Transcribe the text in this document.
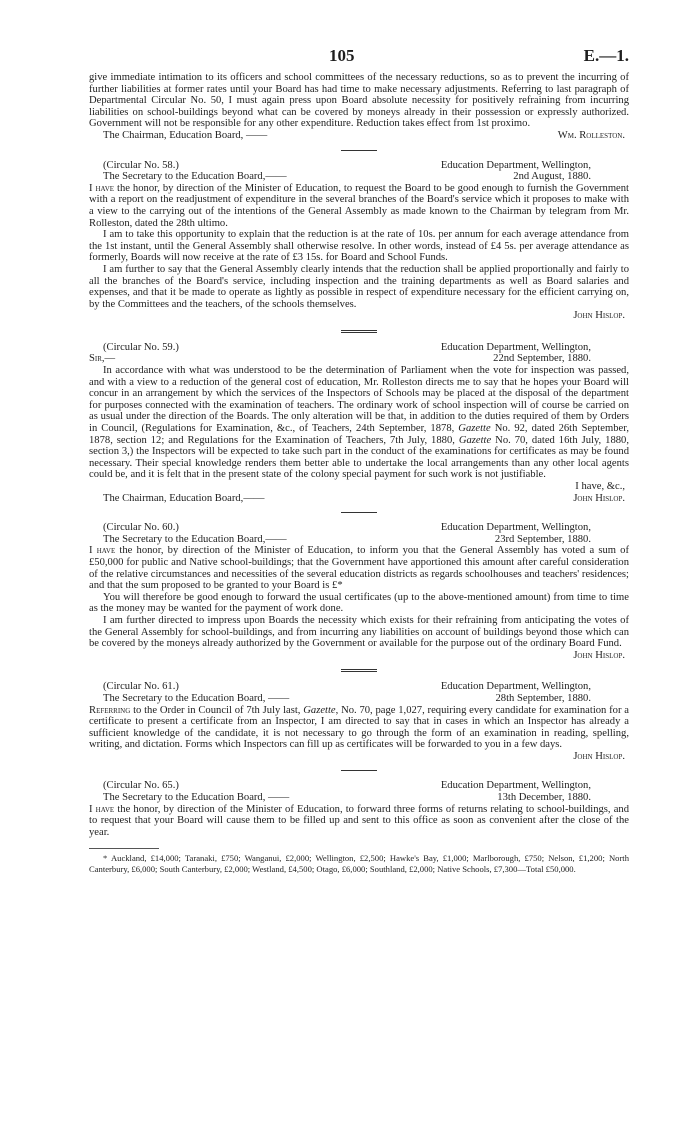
105	E.—1.

give immediate intimation to its officers and school committees of the necessary reductions, so as to prevent the incurring of further liabilities at former rates until your Board has had time to make necessary adjustments. Referring to last paragraph of Departmental Circular No. 50, I must again press upon Board absolute necessity for positively refraining from incurring liabilities on school-buildings beyond what can be covered by moneys already in their possession or expressly authorized. Government will not be responsible for any other expenditure. Reduction takes effect from 1st proximo.

The Chairman, Education Board, ——	Wm. Rolleston.
(Circular No. 58.)	Education Department, Wellington,
The Secretary to the Education Board,——	2nd August, 1880.

I have the honor, by direction of the Minister of Education, to request the Board to be good enough to furnish the Government with a report on the readjustment of expenditure in the several branches of the Board's service which it proposes to make with a view to the carrying out of the intentions of the General Assembly as made known to the Chairman by telegram from Mr. Rolleston, dated the 28th ultimo.

I am to take this opportunity to explain that the reduction is at the rate of 10s. per annum for each average attendance from the 1st instant, until the General Assembly shall otherwise resolve. In other words, instead of £4 5s. per average attendance as formerly, Boards will now receive at the rate of £3 15s. for Board and School Funds.

I am further to say that the General Assembly clearly intends that the reduction shall be applied proportionally and fairly to all the branches of the Board's service, including inspection and the training departments as well as Board salaries and expenses, and that it be made to operate as lightly as possible in respect of expenditure necessary for the efficient carrying on, by the Committees and the teachers, of the schools themselves.

John Hislop.
(Circular No. 59.)	Education Department, Wellington,
Sir,—	22nd September, 1880.

In accordance with what was understood to be the determination of Parliament when the vote for inspection was passed, and with a view to a reduction of the general cost of education, Mr. Rolleston directs me to say that he hopes your Board will concur in an arrangement by which the services of the Inspectors of Schools may be placed at the disposal of the department for purposes connected with the examination of teachers. The ordinary work of school inspection will of course be carried on as usual under the direction of the Boards. The only alteration will be that, in addition to the duties required of them by Orders in Council, (Regulations for Examination, &c., of Teachers, 24th September, 1878, Gazette No. 92, dated 26th September, 1878, section 12; and Regulations for the Examination of Teachers, 7th July, 1880, Gazette No. 70, dated 16th July, 1880, section 3,) the Inspectors will be expected to take such part in the conduct of the examinations for certificates as may be found necessary. Their special knowledge renders them better able to undertake the local arrangements than any other local agents could be, and it is felt that in the present state of the colony special payment for such work is not justifiable.

I have, &c.,
The Chairman, Education Board,——	John Hislop.
(Circular No. 60.)	Education Department, Wellington,
The Secretary to the Education Board,——	23rd September, 1880.

I have the honor, by direction of the Minister of Education, to inform you that the General Assembly has voted a sum of £50,000 for public and Native school-buildings; that the Government have apportioned this amount after careful consideration of the relative circumstances and necessities of the several education districts as regards schoolhouses and teachers' residences; and that the sum proposed to be granted to your Board is £*

You will therefore be good enough to forward the usual certificates (up to the above-mentioned amount) from time to time as the money may be wanted for the payment of work done.

I am further directed to impress upon Boards the necessity which exists for their refraining from anticipating the votes of the General Assembly for school-buildings, and from incurring any liabilities on account of buildings beyond those which can be covered by the moneys already authorized by the Government or available for the purpose out of the ordinary Board Fund.

John Hislop.
(Circular No. 61.)	Education Department, Wellington,
The Secretary to the Education Board, ——	28th September, 1880.

Referring to the Order in Council of 7th July last, Gazette, No. 70, page 1,027, requiring every candidate for examination for a certificate to present a certificate from an Inspector, I am directed to say that in cases in which an Inspector has already a sufficient knowledge of the candidate, it is not necessary to go through the form of an examination in reading, spelling, writing, and dictation. Forms which Inspectors can fill up as certificates will be forwarded to you in a few days.

John Hislop.
(Circular No. 65.)	Education Department, Wellington,
The Secretary to the Education Board, ——	13th December, 1880.

I have the honor, by direction of the Minister of Education, to forward three forms of returns relating to school-buildings, and to request that your Board will cause them to be filled up and sent to this office as soon as convenient after the close of the year.

* Auckland, £14,000; Taranaki, £750; Wanganui, £2,000; Wellington, £2,500; Hawke's Bay, £1,000; Marlborough, £750; Nelson, £1,200; North Canterbury, £6,000; South Canterbury, £2,000; Westland, £4,500; Otago, £6,000; Southland, £2,000; Native Schools, £7,300—Total £50,000.
